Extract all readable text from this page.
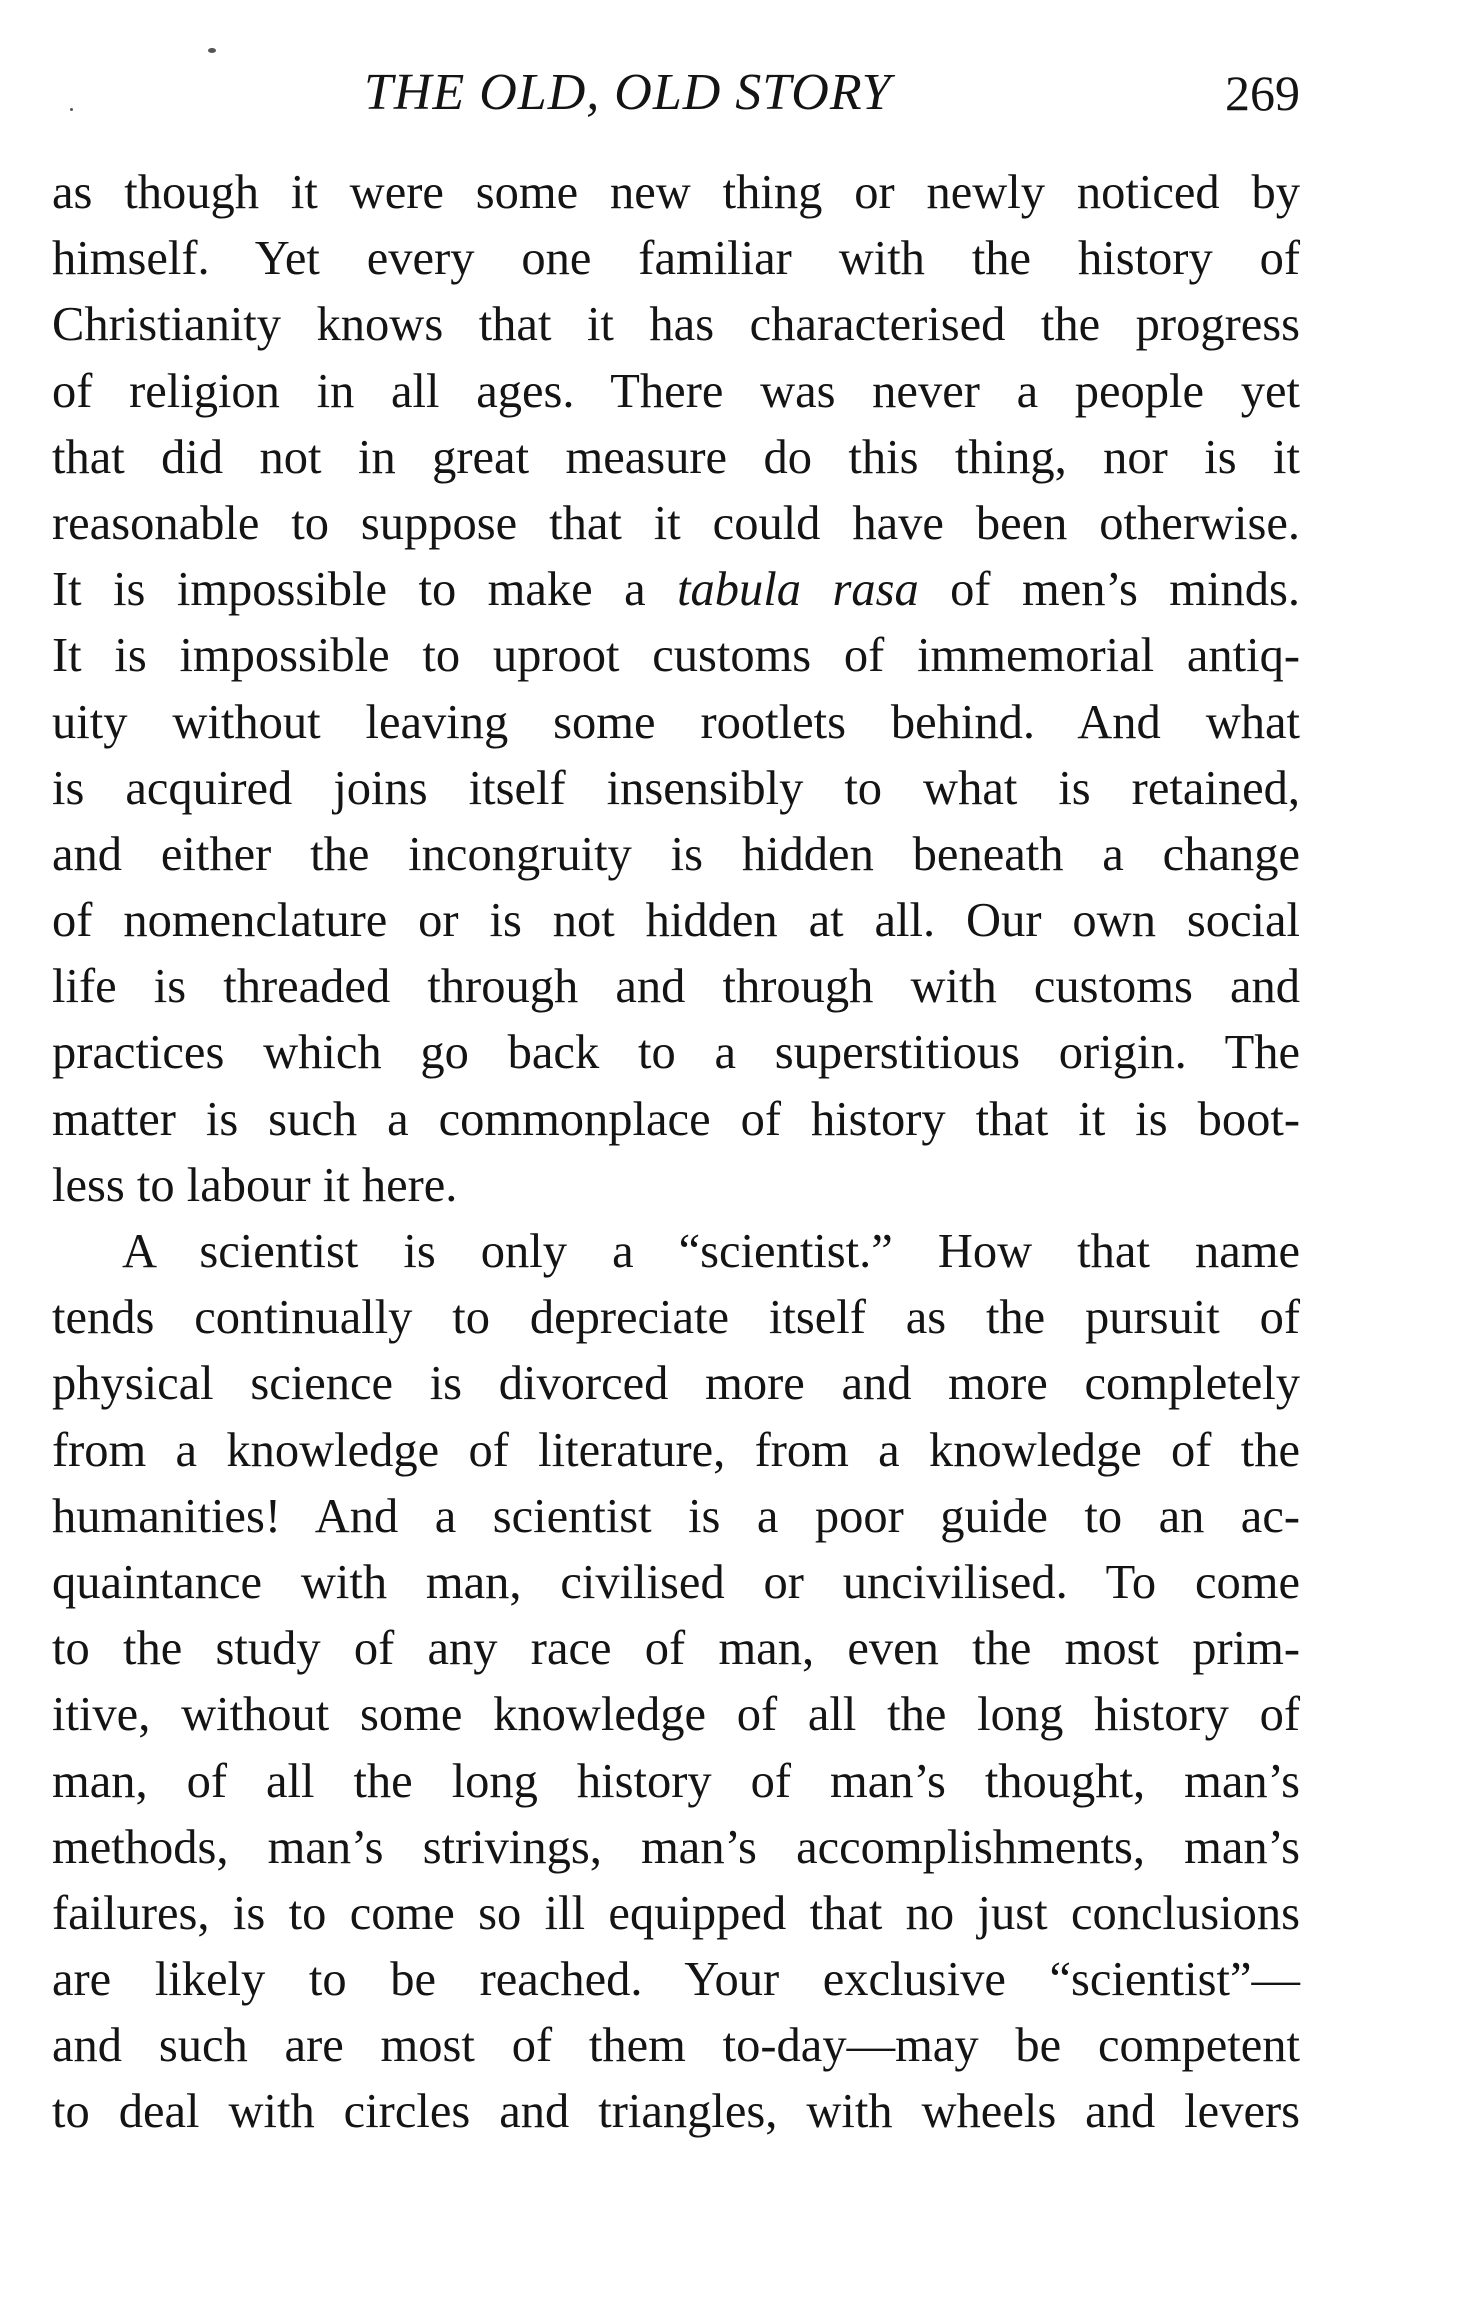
THE OLD, OLD STORY	269
as though it were some new thing or newly noticed by
himself. Yet every one familiar with the history of
Christianity knows that it has characterised the progress
of religion in all ages. There was never a people yet
that did not in great measure do this thing, nor is it
reasonable to suppose that it could have been otherwise.
It is impossible to make a tabula rasa of men’s minds.
It is impossible to uproot customs of immemorial antiq-
uity without leaving some rootlets behind. And what
is acquired joins itself insensibly to what is retained,
and either the incongruity is hidden beneath a change
of nomenclature or is not hidden at all. Our own social
life is threaded through and through with customs and
practices which go back to a superstitious origin. The
matter is such a commonplace of history that it is boot-
less to labour it here.
A scientist is only a “scientist.” How that name
tends continually to depreciate itself as the pursuit of
physical science is divorced more and more completely
from a knowledge of literature, from a knowledge of the
humanities! And a scientist is a poor guide to an ac-
quaintance with man, civilised or uncivilised. To come
to the study of any race of man, even the most prim-
itive, without some knowledge of all the long history of
man, of all the long history of man’s thought, man’s
methods, man’s strivings, man’s accomplishments, man’s
failures, is to come so ill equipped that no just conclusions
are likely to be reached. Your exclusive “scientist”—
and such are most of them to-day—may be competent
to deal with circles and triangles, with wheels and levers
